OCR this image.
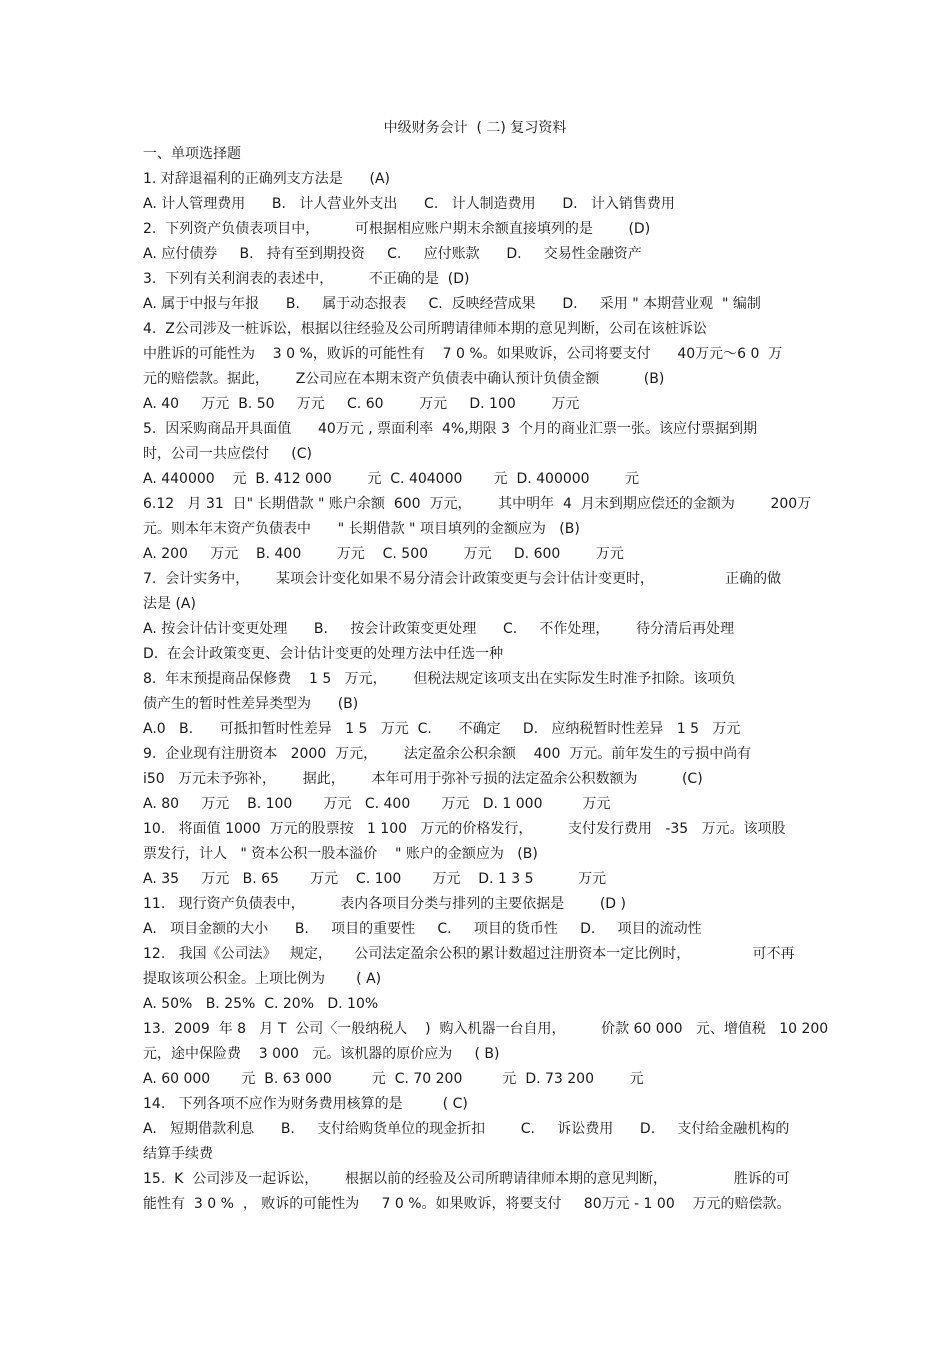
中级财务会计  ( 二) 复习资料
一、单项选择题
1. 对辞退福利的正确列支方法是      (A)
A. 计人管理费用      B.   计人营业外支出      C.   计人制造费用      D.   计入销售费用
2.  下列资产负债表项目中，        可根据相应账户期末余额直接填列的是        (D)
A. 应付债券     B.   持有至到期投资     C.     应付账款      D.     交易性金融资产
3.  下列有关利润表的表述中，        不正确的是  (D)
A. 属于中报与年报      B.     属于动态报表     C.  反映经营成果      D.     采用 " 本期营业观  " 编制
4.  Z公司涉及一桩诉讼，根据以往经验及公司所聘请律师本期的意见判断，公司在该桩诉讼
中胜诉的可能性为    3 0 %，败诉的可能性有    7 0 %。如果败诉，公司将要支付      40万元～6 0  万
元的赔偿款。据此，      Z公司应在本期末资产负债表中确认预计负债金额          (B)
A. 40     万元  B. 50     万元     C. 60        万元     D. 100        万元
5.  因采购商品开具面值      40万元 , 票面利率  4%,期限 3  个月的商业汇票一张。该应付票据到期
时，公司一共应偿付     (C)
A. 440000    元  B. 412 000        元  C. 404000       元  D. 400000        元
6.12   月 31  日" 长期借款 " 账户余额  600  万元，      其中明年  4  月末到期应偿还的金额为        200万
元。则本年末资产负债表中      " 长期借款 " 项目填列的金额应为   (B)
A. 200     万元    B. 400        万元    C. 500        万元     D. 600        万元
7.  会计实务中，      某项会计变化如果不易分清会计政策变更与会计估计变更时，                正确的做
法是 (A)
A. 按会计估计变更处理      B.     按会计政策变更处理      C.     不作处理，      待分清后再处理
D.  在会计政策变更、会计估计变更的处理方法中任选一种
8.  年末预提商品保修费    1 5   万元，      但税法规定该项支出在实际发生时准予扣除。该项负
债产生的暂时性差异类型为      (B)
A.0   B.      可抵扣暂时性差异   1 5   万元  C.      不确定     D.   应纳税暂时性差异   1 5   万元
9.  企业现有注册资本   2000  万元，      法定盈余公积余额    400  万元。前年发生的亏损中尚有
i50   万元未予弥补，      据此，      本年可用于弥补亏损的法定盈余公积数额为          (C)
A. 80     万元    B. 100       万元   C. 400       万元   D. 1 000         万元
10.   将面值 1000  万元的股票按   1 100   万元的价格发行，        支付发行费用   -35   万元。该项股
票发行，计人   " 资本公积一股本溢价    " 账户的金额应为   (B)
A. 35     万元   B. 65       万元    C. 100       万元    D. 1 3 5          万元
11.   现行资产负债表中，        表内各项目分类与排列的主要依据是        (D )
A.   项目金额的大小      B.     项目的重要性     C.     项目的货币性     D.     项目的流动性
12.   我国《公司法》   规定，     公司法定盈余公积的累计数超过注册资本一定比例时，              可不再
提取该项公积金。上项比例为       ( A)
A. 50%   B. 25%  C. 20%   D. 10%
13.  2009  年 8   月 T  公司〈一般纳税人    )  购入机器一台自用，        价款 60 000   元、增值税   10 200
元，途中保险费    3 000   元。该机器的原价应为     ( B)
A. 60 000       元  B. 63 000         元  C. 70 200         元  D. 73 200        元
14.   下列各项不应作为财务费用核算的是         ( C)
A.   短期借款利息      B.     支付给购货单位的现金折扣        C.     诉讼费用      D.     支付给金融机构的
结算手续费
15.  K  公司涉及一起诉讼，      根据以前的经验及公司所聘请律师本期的意见判断，               胜诉的可
能性有  3 0 %  ， 败诉的可能性为     7 0 %。如果败诉，将要支付     80万元 - 1 00    万元的赔偿款。
